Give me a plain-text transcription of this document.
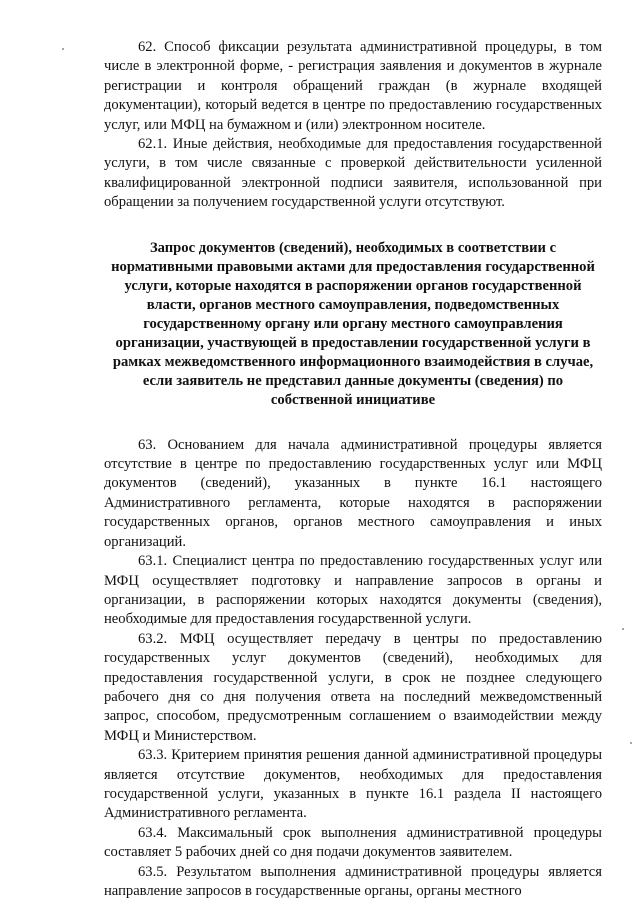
62. Способ фиксации результата административной процедуры, в том числе в электронной форме, - регистрация заявления и документов в журнале регистрации и контроля обращений граждан (в журнале входящей документации), который ведется в центре по предоставлению государственных услуг, или МФЦ на бумажном и (или) электронном носителе.

62.1. Иные действия, необходимые для предоставления государственной услуги, в том числе связанные с проверкой действительности усиленной квалифицированной электронной подписи заявителя, использованной при обращении за получением государственной услуги отсутствуют.

Запрос документов (сведений), необходимых в соответствии с нормативными правовыми актами для предоставления государственной услуги, которые находятся в распоряжении органов государственной власти, органов местного самоуправления, подведомственных государственному органу или органу местного самоуправления организации, участвующей в предоставлении государственной услуги в рамках межведомственного информационного взаимодействия в случае, если заявитель не представил данные документы (сведения) по собственной инициативе

63. Основанием для начала административной процедуры является отсутствие в центре по предоставлению государственных услуг или МФЦ документов (сведений), указанных в пункте 16.1 настоящего Административного регламента, которые находятся в распоряжении государственных органов, органов местного самоуправления и иных организаций.

63.1. Специалист центра по предоставлению государственных услуг или МФЦ осуществляет подготовку и направление запросов в органы и организации, в распоряжении которых находятся документы (сведения), необходимые для предоставления государственной услуги.

63.2. МФЦ осуществляет передачу в центры по предоставлению государственных услуг документов (сведений), необходимых для предоставления государственной услуги, в срок не позднее следующего рабочего дня со дня получения ответа на последний межведомственный запрос, способом, предусмотренным соглашением о взаимодействии между МФЦ и Министерством.

63.3. Критерием принятия решения данной административной процедуры является отсутствие документов, необходимых для предоставления государственной услуги, указанных в пункте 16.1 раздела II настоящего Административного регламента.

63.4. Максимальный срок выполнения административной процедуры составляет 5 рабочих дней со дня подачи документов заявителем.

63.5. Результатом выполнения административной процедуры является направление запросов в государственные органы, органы местного
